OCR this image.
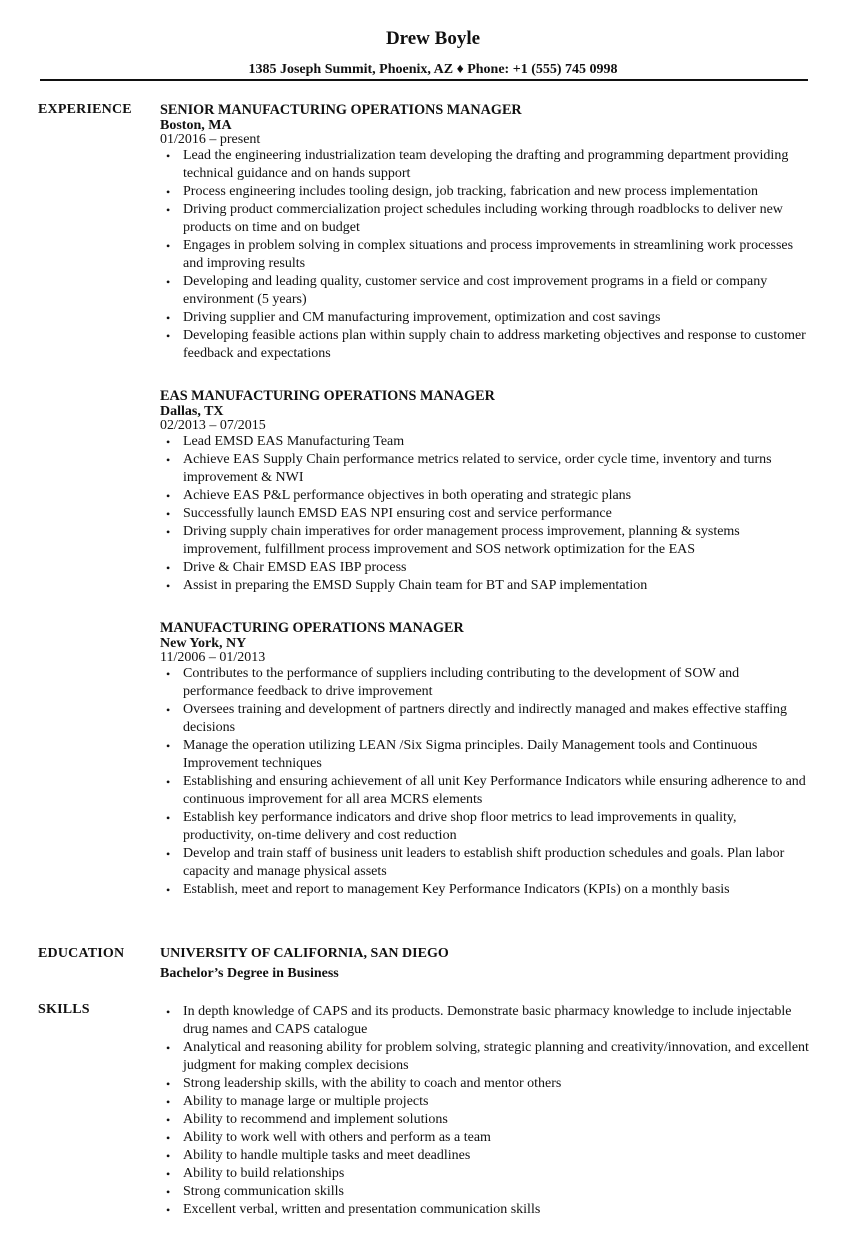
Drew Boyle
1385 Joseph Summit, Phoenix, AZ ♦ Phone: +1 (555) 745 0998
EXPERIENCE SENIOR MANUFACTURING OPERATIONS MANAGER
Boston, MA
01/2016 – present
• Lead the engineering industrialization team developing the drafting and programming department providing technical guidance and on hands support
• Process engineering includes tooling design, job tracking, fabrication and new process implementation
• Driving product commercialization project schedules including working through roadblocks to deliver new products on time and on budget
• Engages in problem solving in complex situations and process improvements in streamlining work processes and improving results
• Developing and leading quality, customer service and cost improvement programs in a field or company environment (5 years)
• Driving supplier and CM manufacturing improvement, optimization and cost savings
• Developing feasible actions plan within supply chain to address marketing objectives and response to customer feedback and expectations
EAS MANUFACTURING OPERATIONS MANAGER
Dallas, TX
02/2013 – 07/2015
• Lead EMSD EAS Manufacturing Team
• Achieve EAS Supply Chain performance metrics related to service, order cycle time, inventory and turns improvement & NWI
• Achieve EAS P&L performance objectives in both operating and strategic plans
• Successfully launch EMSD EAS NPI ensuring cost and service performance
• Driving supply chain imperatives for order management process improvement, planning & systems improvement, fulfillment process improvement and SOS network optimization for the EAS
• Drive & Chair EMSD EAS IBP process
• Assist in preparing the EMSD Supply Chain team for BT and SAP implementation
MANUFACTURING OPERATIONS MANAGER
New York, NY
11/2006 – 01/2013
• Contributes to the performance of suppliers including contributing to the development of SOW and performance feedback to drive improvement
• Oversees training and development of partners directly and indirectly managed and makes effective staffing decisions
• Manage the operation utilizing LEAN /Six Sigma principles. Daily Management tools and Continuous Improvement techniques
• Establishing and ensuring achievement of all unit Key Performance Indicators while ensuring adherence to and continuous improvement for all area MCRS elements
• Establish key performance indicators and drive shop floor metrics to lead improvements in quality, productivity, on-time delivery and cost reduction
• Develop and train staff of business unit leaders to establish shift production schedules and goals. Plan labor capacity and manage physical assets
• Establish, meet and report to management Key Performance Indicators (KPIs) on a monthly basis
EDUCATION	UNIVERSITY OF CALIFORNIA, SAN DIEGO
Bachelor’s Degree in Business
SKILLS	• In depth knowledge of CAPS and its products. Demonstrate basic pharmacy knowledge to include injectable drug names and CAPS catalogue
• Analytical and reasoning ability for problem solving, strategic planning and creativity/innovation, and excellent judgment for making complex decisions
• Strong leadership skills, with the ability to coach and mentor others
• Ability to manage large or multiple projects
• Ability to recommend and implement solutions
• Ability to work well with others and perform as a team
• Ability to handle multiple tasks and meet deadlines
• Ability to build relationships
• Strong communication skills
• Excellent verbal, written and presentation communication skills
